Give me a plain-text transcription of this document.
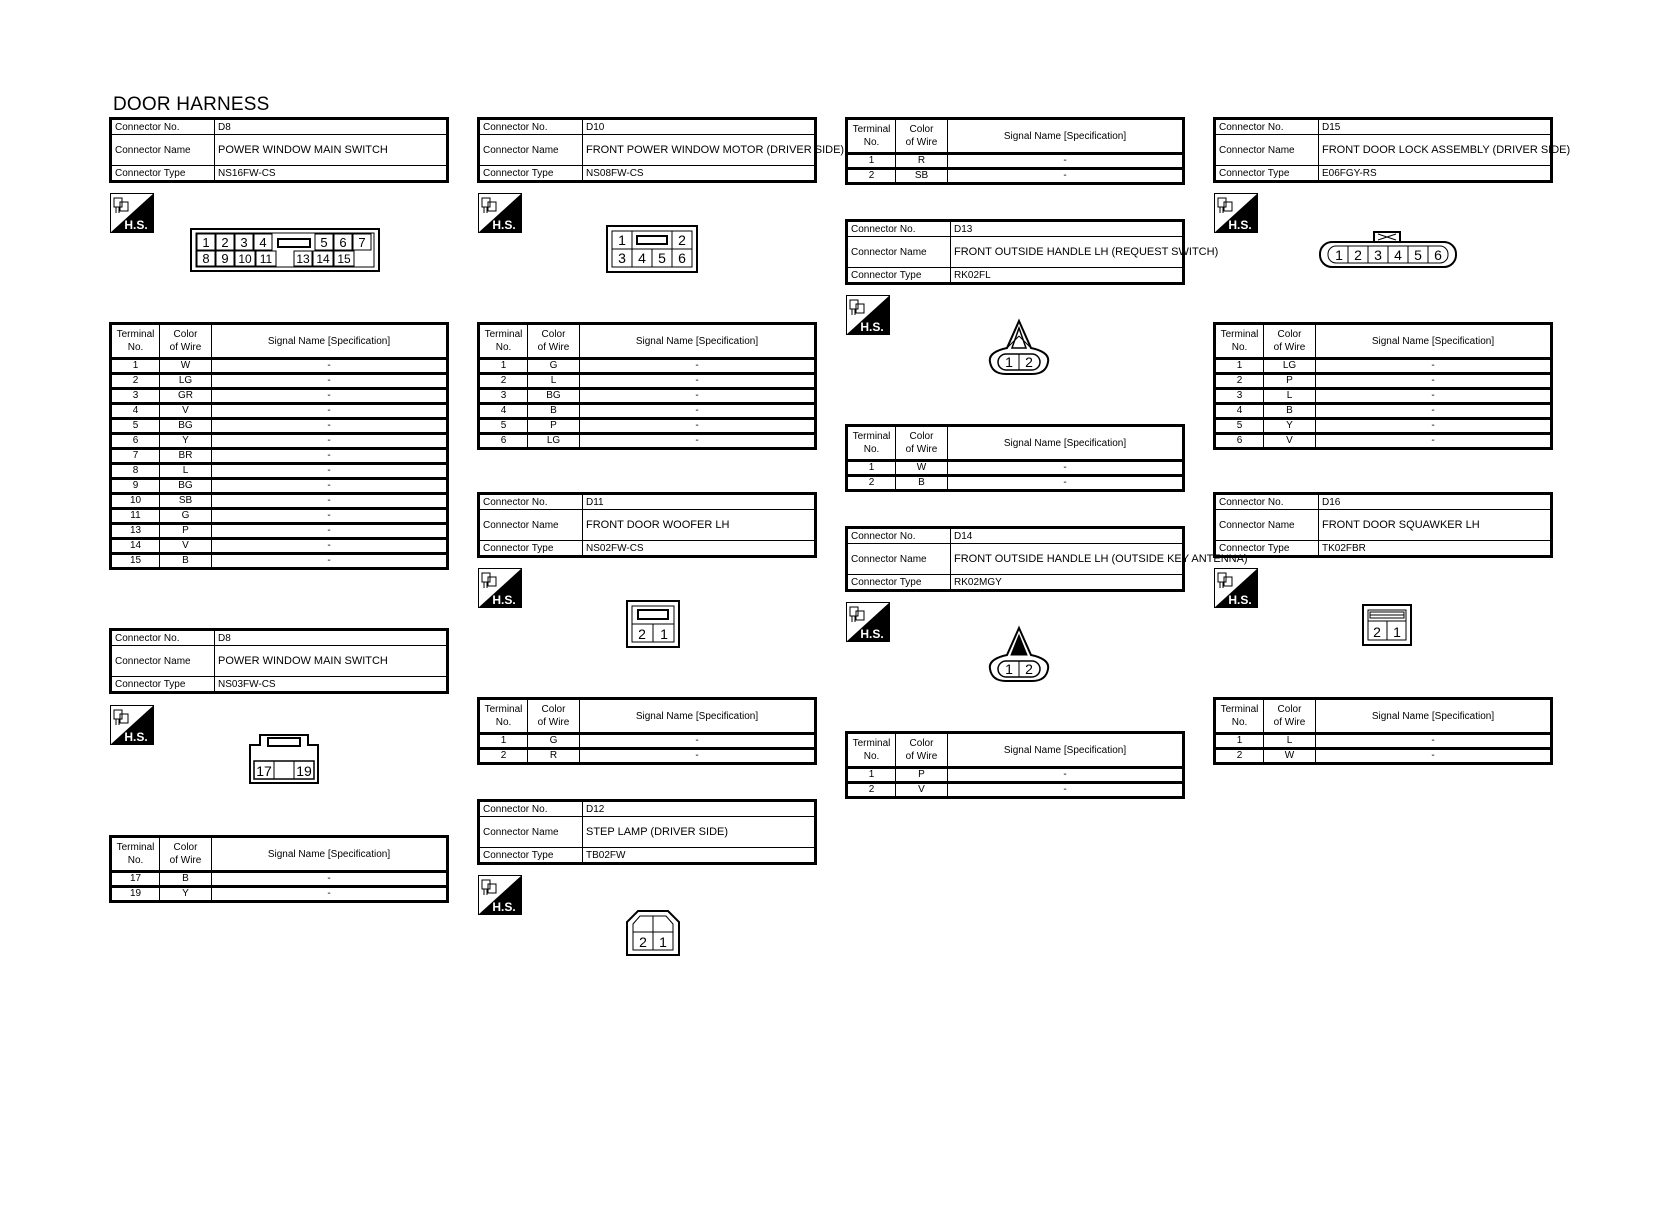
DOOR HARNESS
Connector No.	D8
Connector Name	POWER WINDOW MAIN SWITCH
Connector Type	NS16FW-CS
H.S.
1 2 3 4	5 6 7
8 9 10 11 13 14 15
Terminal
No.	Color
of Wire	Signal Name [Specification]
1	W	-
2	LG	-
3	GR	-
4	V	-
5	BG	-
6	Y	-
7	BR	-
8	L	-
9	BG	-
10	SB	-
11	G	-
13	P	-
14	V	-
15	B	-
Connector No.	D8
Connector Name	POWER WINDOW MAIN SWITCH
Connector Type	NS03FW-CS
H.S.
17 19
Terminal
No.	Color
of Wire	Signal Name [Specification]
17	B	-
19	Y	-
Connector No.	D10
Connector Name	FRONT POWER WINDOW MOTOR (DRIVER SIDE)
Connector Type	NS08FW-CS
H.S.
1	2
3 4 5 6
Terminal
No.	Color
of Wire	Signal Name [Specification]
1	G	-
2	L	-
3	BG	-
4	B	-
5	P	-
6	LG	-
Connector No.	D11
Connector Name	FRONT DOOR WOOFER LH
Connector Type	NS02FW-CS
H.S.
2 1
Terminal
No.	Color
of Wire	Signal Name [Specification]
1	G	-
2	R	-
Connector No.	D12
Connector Name	STEP LAMP (DRIVER SIDE)
Connector Type	TB02FW
H.S.
2 1
Terminal
No.	Color
of Wire	Signal Name [Specification]
1	R	-
2	SB	-
Connector No.	D13
Connector Name	FRONT OUTSIDE HANDLE LH (REQUEST SWITCH)
Connector Type	RK02FL
H.S.
1 2
Terminal
No.	Color
of Wire	Signal Name [Specification]
1	W	-
2	B	-
Connector No.	D14
Connector Name	FRONT OUTSIDE HANDLE LH (OUTSIDE KEY ANTENNA)
Connector Type	RK02MGY
H.S.
1 2
Terminal
No.	Color
of Wire	Signal Name [Specification]
1	P	-
2	V	-
Connector No.	D15
Connector Name	FRONT DOOR LOCK ASSEMBLY (DRIVER SIDE)
Connector Type	E06FGY-RS
H.S.
1 2 3 4 5 6
Terminal
No.	Color
of Wire	Signal Name [Specification]
1	LG	-
2	P	-
3	L	-
4	B	-
5	Y	-
6	V	-
Connector No.	D16
Connector Name	FRONT DOOR SQUAWKER LH
Connector Type	TK02FBR
H.S.
2 1
Terminal
No.	Color
of Wire	Signal Name [Specification]
1	L	-
2	W	-
